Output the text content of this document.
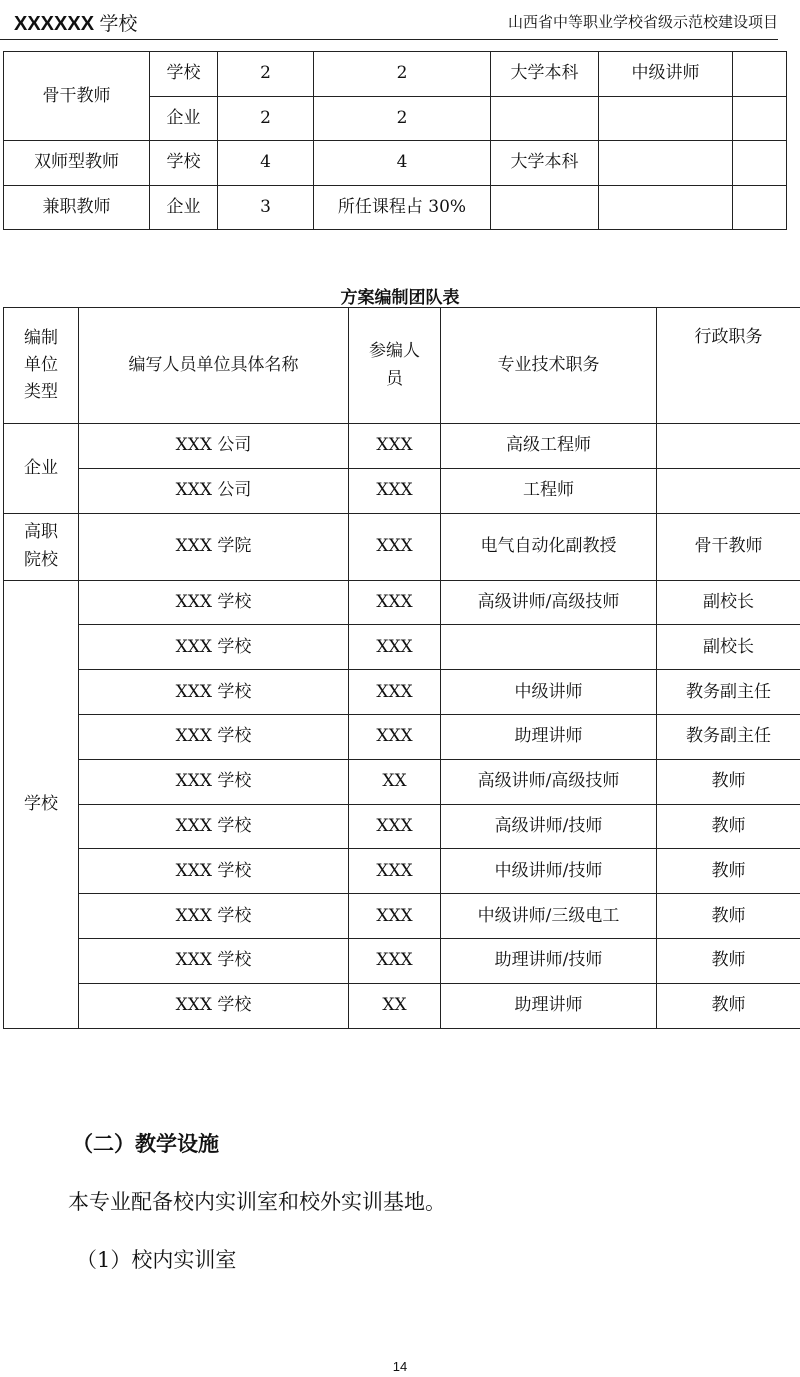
XXXXXX 学校	山西省中等职业学校省级示范校建设项目
骨干教师	学校	2	2	大学本科	中级讲师	
	企业	2	2			
双师型教师	学校	4	4	大学本科		
兼职教师	企业	3	所任课程占 30%			
方案编制团队表
编制单位类型	编写人员单位具体名称	参编人员	专业技术职务	行政职务
企业	XXX 公司	XXX	高级工程师	
	XXX 公司	XXX	工程师	
高职院校	XXX 学院	XXX	电气自动化副教授	骨干教师
学校	XXX 学校	XXX	高级讲师/高级技师	副校长
	XXX 学校	XXX		副校长
	XXX 学校	XXX	中级讲师	教务副主任
	XXX 学校	XXX	助理讲师	教务副主任
	XXX 学校	XX	高级讲师/高级技师	教师
	XXX 学校	XXX	高级讲师/技师	教师
	XXX 学校	XXX	中级讲师/技师	教师
	XXX 学校	XXX	中级讲师/三级电工	教师
	XXX 学校	XXX	助理讲师/技师	教师
	XXX 学校	XX	助理讲师	教师
（二）教学设施
本专业配备校内实训室和校外实训基地。
（1）校内实训室
14
